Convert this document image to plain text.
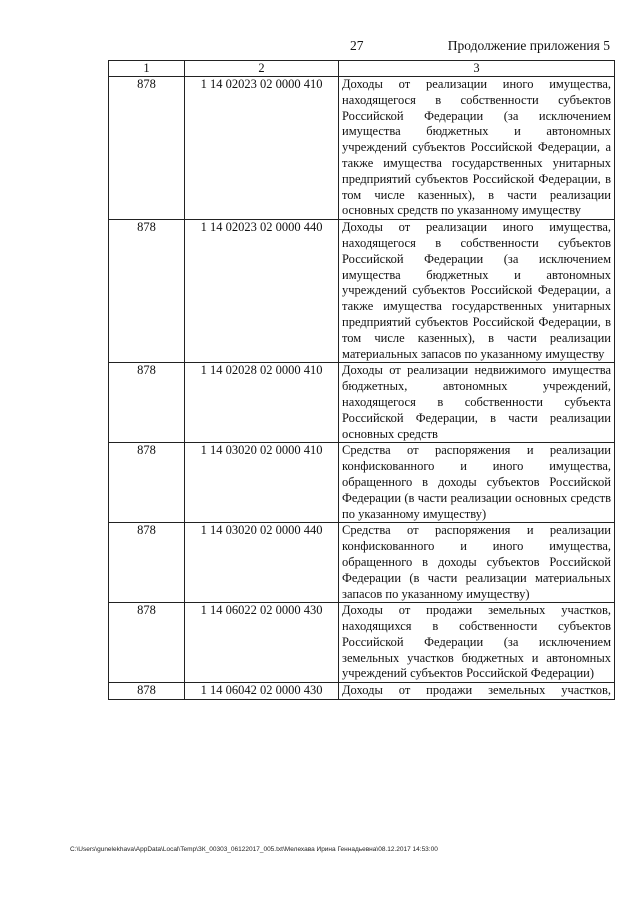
27	Продолжение приложения 5
1	2	3
878	1 14 02023 02 0000 410	Доходы от реализации иного имущества, находящегося в собственности субъектов Российской Федерации (за исключением имущества бюджетных и автономных учреждений субъектов Российской Федерации, а также имущества государственных унитарных предприятий субъектов Российской Федерации, в том числе казенных), в части реализации основных средств по указанному имуществу
878	1 14 02023 02 0000 440	Доходы от реализации иного имущества, находящегося в собственности субъектов Российской Федерации (за исключением имущества бюджетных и автономных учреждений субъектов Российской Федерации, а также имущества государственных унитарных предприятий субъектов Российской Федерации, в том числе казенных), в части реализации материальных запасов по указанному имуществу
878	1 14 02028 02 0000 410	Доходы от реализации недвижимого имущества бюджетных, автономных учреждений, находящегося в собственности субъекта Российской Федерации, в части реализации основных средств
878	1 14 03020 02 0000 410	Средства от распоряжения и реализации конфискованного и иного имущества, обращенного в доходы субъектов Российской Федерации (в части реализации основных средств по указанному имуществу)
878	1 14 03020 02 0000 440	Средства от распоряжения и реализации конфискованного и иного имущества, обращенного в доходы субъектов Российской Федерации (в части реализации материальных запасов по указанному имуществу)
878	1 14 06022 02 0000 430	Доходы от продажи земельных участков, находящихся в собственности субъектов Российской Федерации (за исключением земельных участков бюджетных и автономных учреждений субъектов Российской Федерации)
878	1 14 06042 02 0000 430	Доходы от продажи земельных участков,
C:\Users\gunelekhava\AppData\Local\Temp\ЗК_00303_06122017_005.txt\Мелехава Ирина Геннадьевна\08.12.2017 14:53:00
